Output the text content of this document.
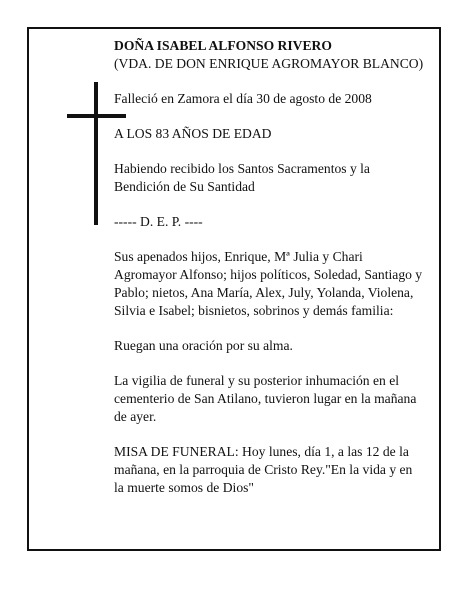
DOÑA ISABEL ALFONSO RIVERO

(VDA. DE DON ENRIQUE AGROMAYOR BLANCO)

Falleció en Zamora el día 30 de agosto de 2008

A LOS 83 AÑOS DE EDAD

Habiendo recibido los Santos Sacramentos y la Bendición de Su Santidad

----- D. E. P. ----

Sus apenados hijos, Enrique, Mª Julia y Chari Agromayor Alfonso; hijos políticos, Soledad, Santiago y Pablo; nietos, Ana María, Alex, July, Yolanda, Violena, Silvia e Isabel; bisnietos, sobrinos y demás familia:

Ruegan una oración por su alma.

La vigilia de funeral y su posterior inhumación en el cementerio de San Atilano, tuvieron lugar en la mañana de ayer.

MISA DE FUNERAL: Hoy lunes, día 1, a las 12 de la mañana, en la parroquia de Cristo Rey."En la vida y en la muerte somos de Dios"
